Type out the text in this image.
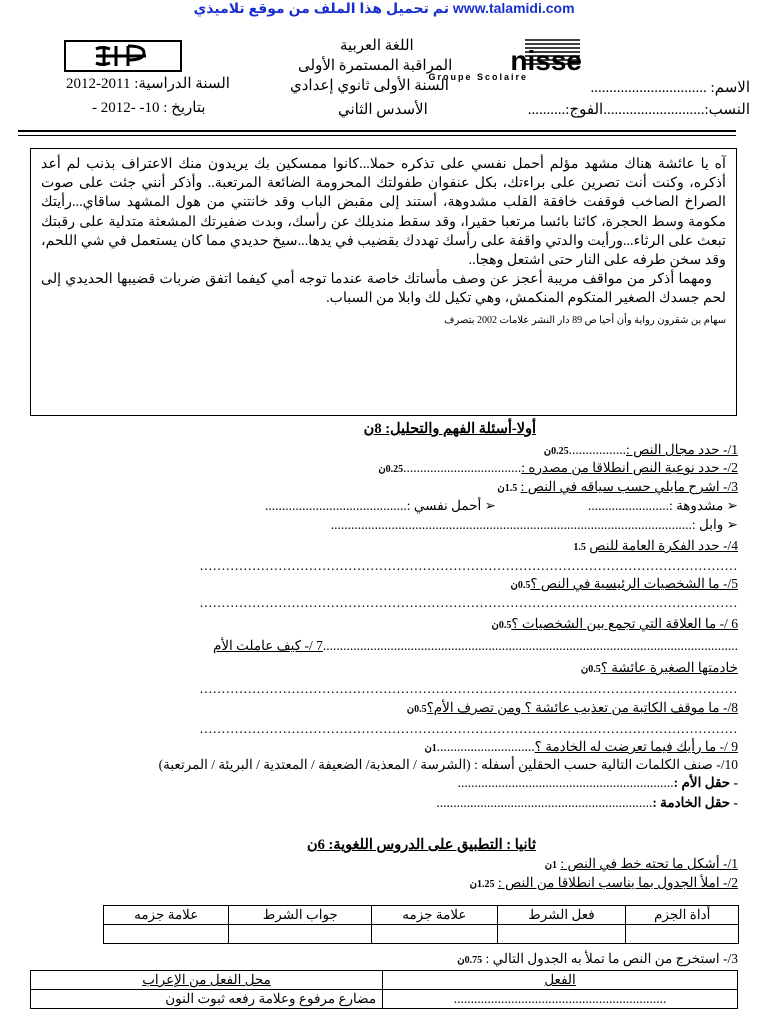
تم تحميل هذا الملف من موقع تلاميذي www.talamidi.com
nisse
Groupe Scolaire
الاسم: ...............................
النسب:...........................الفوج:..........
اللغة العربية
المراقبة المستمرة الأولى
السنة الأولى ثانوي إعدادي
الأسدس الثاني
السنة الدراسية: 2011-2012
بتاريخ : 10- -2012 -

آه يا عائشة هناك مشهد مؤلم أحمل نفسي على تذكره حملا...كانوا ممسكين بك يريدون منك الاعتراف بذنب لم أعد أذكره، وكنت أنت تصرين على براءتك، بكل عنفوان طفولتك المحرومة الضائعة المرتعبة.. وأذكر أنني جئت على صوت الصراخ الصاخب فوقفت خافقة القلب مشدوهة، أستند إلى مقبض الباب وقد خانتني من هول المشهد ساقاي...رأيتك مكومة وسط الحجرة، كائنا بائسا مرتعبا حقيرا، وقد سقط منديلك عن رأسك، وبدت ضفيرتك المشعثة متدلية على رقبتك تبعث على الرثاء...ورأيت والدتي واقفة على رأسك تهددك بقضيب في يدها...سيخ حديدي مما كان يستعمل في شي اللحم، وقد سخن طرفه على النار حتى اشتعل وهجا..

ومهما أذكر من مواقف مريبة أعجز عن وصف مأساتك خاصة عندما توجه أمي كيفما اتفق ضربات قضيبها الحديدي إلى لحم جسدك الصغير المتكوم المنكمش، وهي تكيل لك وابلا من السباب.

سهام بن شقرون رواية وأن أحيا ص 89 دار النشر علامات 2002 بتصرف
أولا-أسئلة الفهم والتحليل: 8ن
1/- حدد مجال النص :.................0.25ن
2/- حدد نوعية النص انطلاقا من مصدره :...................................0.25ن
3/- اشرح مايلي حسب سياقه في النص : 1.5ن
➢ مشدوهة :........................
➢ أحمل نفسي :..........................................
➢ وابل :...........................................................................................................
4/- حدد الفكرة العامة للنص 1.5
...........................................................................................................................
5/- ما الشخصيات الرئيسية في النص ؟0.5ن
...........................................................................................................................
6 /- ما العلاقة التي تجمع بين الشخصيات ؟0.5ن
...........................................................................................................................7 /- كيف عاملت الأم
خادمتها الصغيرة عائشة ؟0.5ن
...........................................................................................................................
8/- ما موقف الكاتبة من تعذيب عائشة ؟ ومن تصرف الأم؟0.5ن
...........................................................................................................................
9 /- ما رأيك فيما تعرضت له الخادمة ؟.............................1ن
10/- صنف الكلمات التالية حسب الحقلين أسفله : (الشرسة / المعذبة/ الضعيفة / المعتدية / البريئة / المرتعبة)
- حقل الأم :................................................................
- حقل الخادمة :................................................................
ثانيا : التطبيق على الدروس اللغوية: 6ن
1/- أشكل ما تحته خط في النص : 1ن
2/- املأ الجدول بما يناسب انطلاقا من النص : 1.25ن
أداة الجزم	فعل الشرط	علامة جزمه	جواب الشرط	علامة جزمه

3/- استخرج من النص ما تملأ به الجدول التالي : 0.75ن
الفعل	محل الفعل من الإعراب
...............................................................	مضارع مرفوع وعلامة رفعه ثبوت النون
